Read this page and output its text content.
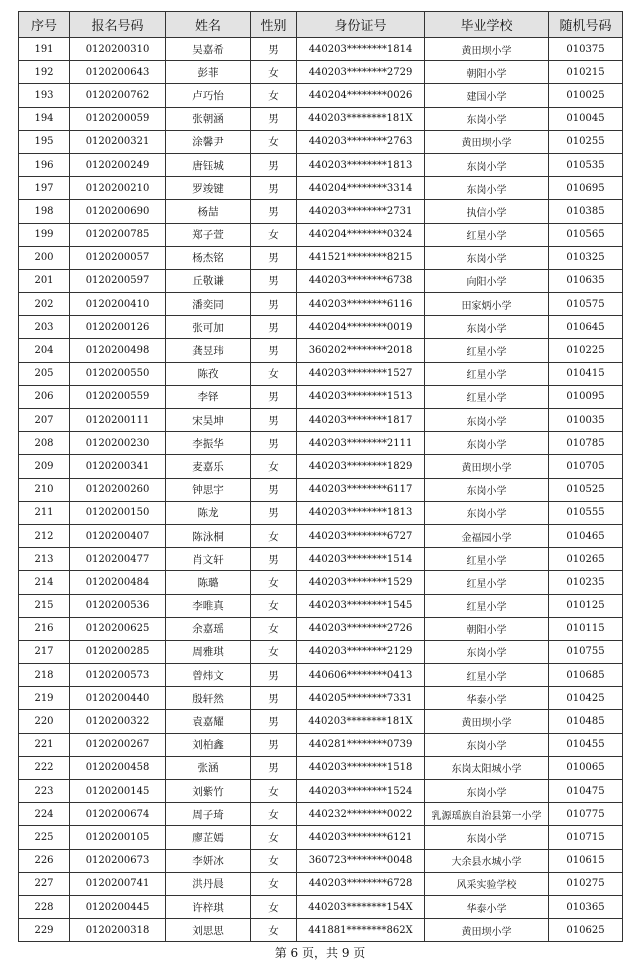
序号	报名号码	姓名	性别	身份证号	毕业学校	随机号码
191	0120200310	吴嘉希	男	440203********1814	黄田坝小学	010375
192	0120200643	彭菲	女	440203********2729	朝阳小学	010215
193	0120200762	卢巧怡	女	440204********0026	建国小学	010025
194	0120200059	张朝涵	男	440203********181X	东岗小学	010045
195	0120200321	涂馨尹	女	440203********2763	黄田坝小学	010255
196	0120200249	唐钰城	男	440203********1813	东岗小学	010535
197	0120200210	罗竣键	男	440204********3314	东岗小学	010695
198	0120200690	杨喆	男	440203********2731	执信小学	010385
199	0120200785	郑子萱	女	440204********0324	红星小学	010565
200	0120200057	杨杰铭	男	441521********8215	东岗小学	010325
201	0120200597	丘敬谦	男	440203********6738	向阳小学	010635
202	0120200410	潘奕同	男	440203********6116	田家炳小学	010575
203	0120200126	张可加	男	440204********0019	东岗小学	010645
204	0120200498	龚昱玮	男	360202********2018	红星小学	010225
205	0120200550	陈孜	女	440203********1527	红星小学	010415
206	0120200559	李铎	男	440203********1513	红星小学	010095
207	0120200111	宋昊坤	男	440203********1817	东岗小学	010035
208	0120200230	李振华	男	440203********2111	东岗小学	010785
209	0120200341	麦嘉乐	女	440203********1829	黄田坝小学	010705
210	0120200260	钟思宇	男	440203********6117	东岗小学	010525
211	0120200150	陈龙	男	440203********1813	东岗小学	010555
212	0120200407	陈泳桐	女	440203********6727	金福园小学	010465
213	0120200477	肖文轩	男	440203********1514	红星小学	010265
214	0120200484	陈璐	女	440203********1529	红星小学	010235
215	0120200536	李唯真	女	440203********1545	红星小学	010125
216	0120200625	余嘉瑶	女	440203********2726	朝阳小学	010115
217	0120200285	周雅琪	女	440203********2129	东岗小学	010755
218	0120200573	曾炜文	男	440606********0413	红星小学	010685
219	0120200440	殷轩然	男	440205********7331	华泰小学	010425
220	0120200322	袁嘉耀	男	440203********181X	黄田坝小学	010485
221	0120200267	刘柏鑫	男	440281********0739	东岗小学	010455
222	0120200458	张涵	男	440203********1518	东岗太阳城小学	010065
223	0120200145	刘紫竹	女	440203********1524	东岗小学	010475
224	0120200674	周子琦	女	440232********0022	乳源瑶族自治县第一小学	010775
225	0120200105	廖芷嫣	女	440203********6121	东岗小学	010715
226	0120200673	李妍冰	女	360723********0048	大余县水城小学	010615
227	0120200741	洪丹晨	女	440203********6728	风采实验学校	010275
228	0120200445	许梓琪	女	440203********154X	华泰小学	010365
229	0120200318	刘思思	女	441881********862X	黄田坝小学	010625
第 6 页，共 9 页
